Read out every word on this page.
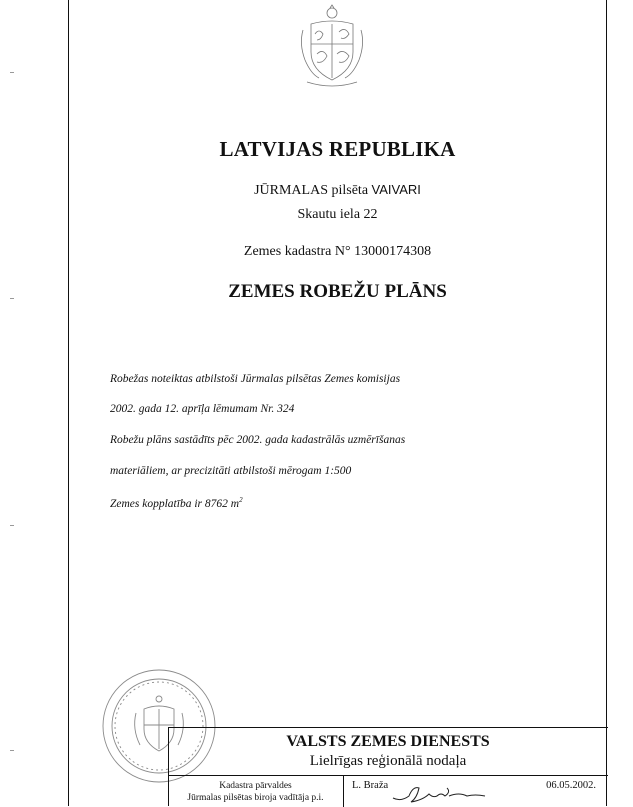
LATVIJAS REPUBLIKA
JŪRMALAS pilsēta VAIVARI
Skautu iela 22
Zemes kadastra N° 13000174308
ZEMES ROBEŽU PLĀNS
Robežas noteiktas atbilstoši Jūrmalas pilsētas Zemes komisijas
2002. gada 12. aprīļa lēmumam Nr. 324
Robežu plāns sastādīts pēc 2002. gada kadastrālās uzmērīšanas
materiāliem, ar precizitāti atbilstoši mērogam 1:500
Zemes kopplatība ir 8762 $m^2$
VALSTS ZEMES DIENESTS
Lielrīgas reģionālā nodaļa
Kadastra pārvaldes
Jūrmalas pilsētas biroja vadītāja p.i.
L. Braža	06.05.2002.
